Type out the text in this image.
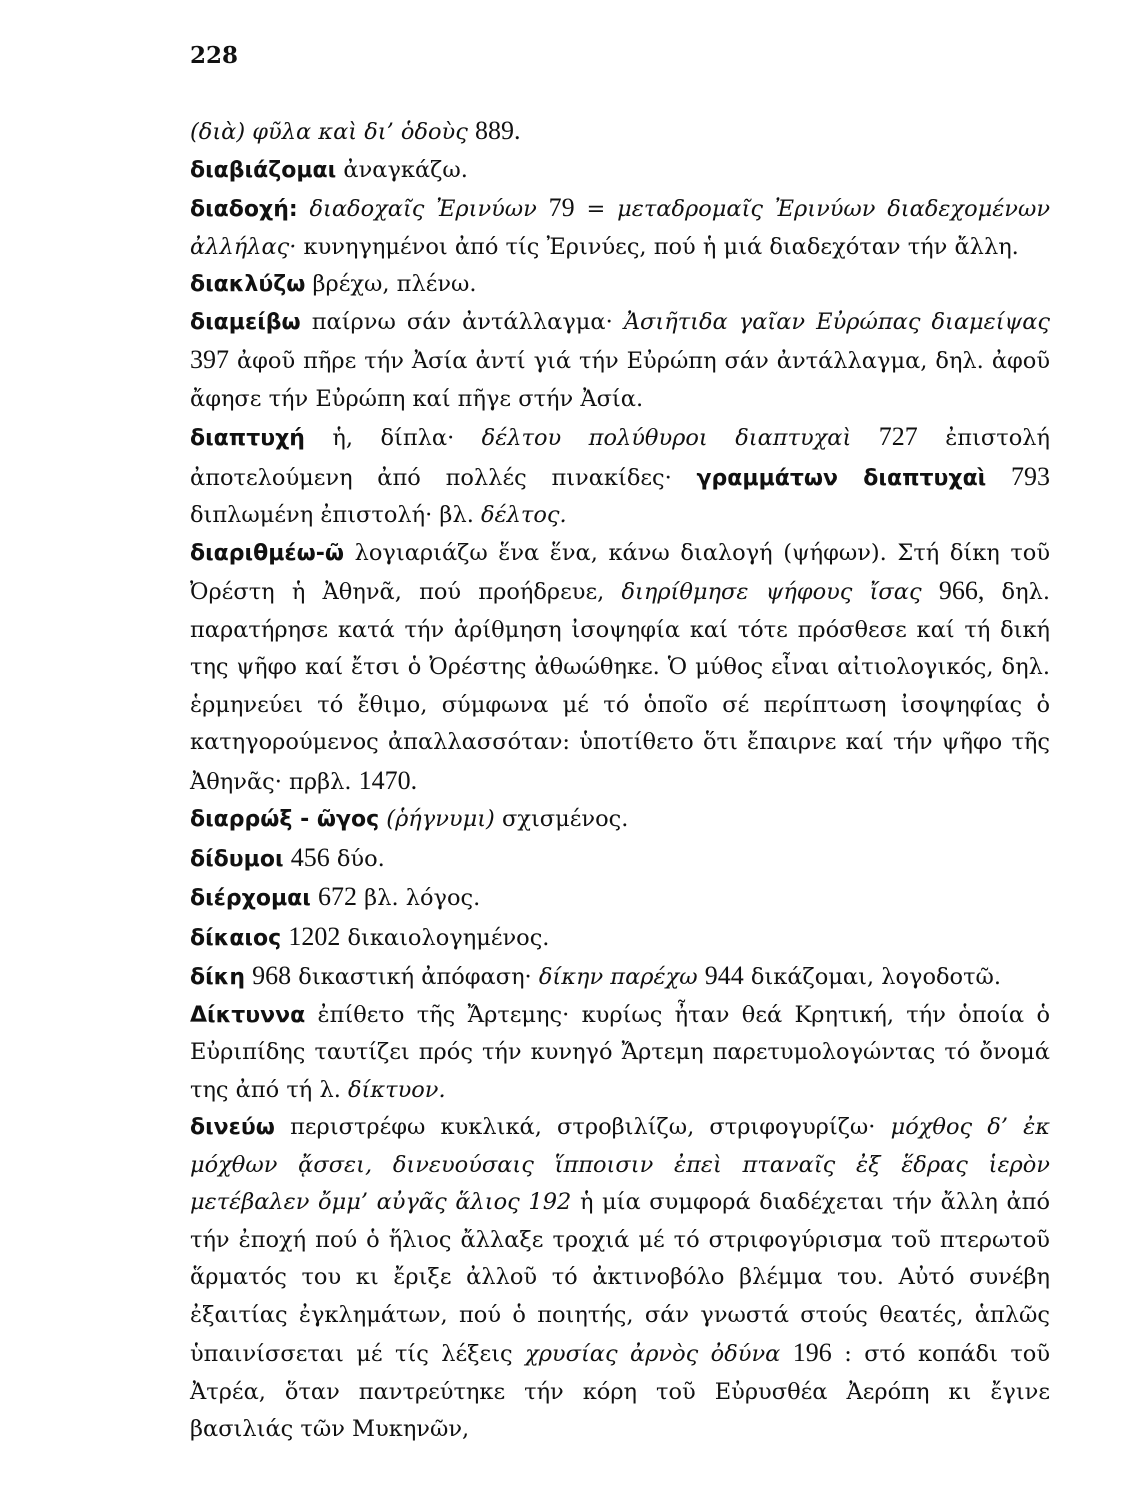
228

(διὰ) φῦλα καὶ δι’ ὁδοὺς 889.

διαβιάζομαι ἀναγκάζω.

διαδοχή: διαδοχαῖς Ἐρινύων 79 = μεταδρομαῖς Ἐρινύων διαδεχομένων ἀλλήλας· κυνηγημένοι ἀπό τίς Ἐρινύες, πού ἡ μιά διαδεχόταν τήν ἄλλη.

διακλύζω βρέχω, πλένω.

διαμείβω παίρνω σάν ἀντάλλαγμα· Ἀσιῆτιδα γαῖαν Εὐρώπας διαμείψας 397 ἀφοῦ πῆρε τήν Ἀσία ἀντί γιά τήν Εὐρώπη σάν ἀντάλλαγμα, δηλ. ἀφοῦ ἄφησε τήν Εὐρώπη καί πῆγε στήν Ἀσία.

διαπτυχή ἡ, δίπλα· δέλτου πολύθυροι διαπτυχαὶ 727 ἐπιστολή ἀποτελούμενη ἀπό πολλές πινακίδες· γραμμάτων διαπτυχαὶ 793 διπλωμένη ἐπιστολή· βλ. δέλτος.

διαριθμέω-ῶ λογιαριάζω ἕνα ἕνα, κάνω διαλογή (ψήφων). Στή δίκη τοῦ Ὀρέστη ἡ Ἀθηνᾶ, πού προήδρευε, διηρίθμησε ψήφους ἴσας 966, δηλ. παρατήρησε κατά τήν ἀρίθμηση ἰσοψηφία καί τότε πρόσθεσε καί τή δική της ψῆφο καί ἔτσι ὁ Ὀρέστης ἀθωώθηκε. Ὁ μύθος εἶναι αἰτιολογικός, δηλ. ἑρμηνεύει τό ἔθιμο, σύμφωνα μέ τό ὁποῖο σέ περίπτωση ἰσοψηφίας ὁ κατηγορούμενος ἀπαλλασσόταν: ὑποτίθετο ὅτι ἔπαιρνε καί τήν ψῆφο τῆς Ἀθηνᾶς· πρβλ. 1470.

διαρρώξ - ῶγος (ῥήγνυμι) σχισμένος.

δίδυμοι 456 δύο.

διέρχομαι 672 βλ. λόγος.

δίκαιος 1202 δικαιολογημένος.

δίκη 968 δικαστική ἀπόφαση· δίκην παρέχω 944 δικάζομαι, λογοδοτῶ.

Δίκτυννα ἐπίθετο τῆς Ἄρτεμης· κυρίως ἦταν θεά Κρητική, τήν ὁποία ὁ Εὐριπίδης ταυτίζει πρός τήν κυνηγό Ἄρτεμη παρετυμολογώντας τό ὄνομά της ἀπό τή λ. δίκτυον.

δινεύω περιστρέφω κυκλικά, στροβιλίζω, στριφογυρίζω· μόχθος δ’ ἐκ μόχθων ᾄσσει, δινευούσαις ἵπποισιν ἐπεὶ πταναῖς ἐξ ἕδρας ἱερὸν μετέβαλεν ὄμμ’ αὐγᾶς ἅλιος 192 ἡ μία συμφορά διαδέχεται τήν ἄλλη ἀπό τήν ἐποχή πού ὁ ἥλιος ἄλλαξε τροχιά μέ τό στριφογύρισμα τοῦ πτερωτοῦ ἅρματός του κι ἔριξε ἀλλοῦ τό ἀκτινοβόλο βλέμμα του. Αὐτό συνέβη ἐξαιτίας ἐγκλημάτων, πού ὁ ποιητής, σάν γνωστά στούς θεατές, ἁπλῶς ὑπαινίσσεται μέ τίς λέξεις χρυσίας ἀρνὸς ὀδύνα 196 : στό κοπάδι τοῦ Ἀτρέα, ὅταν παντρεύτηκε τήν κόρη τοῦ Εὐρυσθέα Ἀερόπη κι ἔγινε βασιλιάς τῶν Μυκηνῶν,
